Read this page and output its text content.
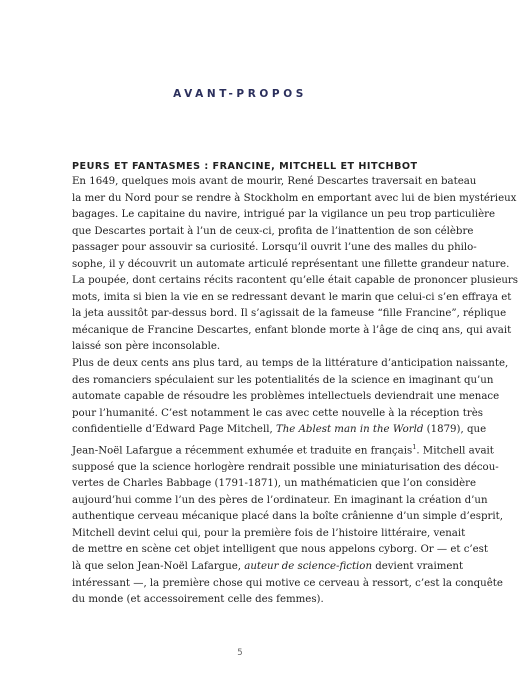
AVANT-PROPOS
PEURS ET FANTASMES : FRANCINE, MITCHELL ET HITCHBOT

En 1649, quelques mois avant de mourir, René Descartes traversait en bateau
la mer du Nord pour se rendre à Stockholm en emportant avec lui de bien mystérieux
bagages. Le capitaine du navire, intrigué par la vigilance un peu trop particulière
que Descartes portait à l’un de ceux-ci, profita de l’inattention de son célèbre
passager pour assouvir sa curiosité. Lorsqu’il ouvrit l’une des malles du philo-
sophe, il y découvrit un automate articulé représentant une fillette grandeur nature.
La poupée, dont certains récits racontent qu’elle était capable de prononcer plusieurs
mots, imita si bien la vie en se redressant devant le marin que celui-ci s’en effraya et
la jeta aussitôt par-dessus bord. Il s’agissait de la fameuse “fille Francine”, réplique
mécanique de Francine Descartes, enfant blonde morte à l’âge de cinq ans, qui avait
laissé son père inconsolable.

Plus de deux cents ans plus tard, au temps de la littérature d’anticipation naissante,
des romanciers spéculaient sur les potentialités de la science en imaginant qu’un
automate capable de résoudre les problèmes intellectuels deviendrait une menace
pour l’humanité. C’est notamment le cas avec cette nouvelle à la réception très
confidentielle d’Edward Page Mitchell, The Ablest man in the World (1879), que
Jean-Noël Lafargue a récemment exhumée et traduite en français$^1$. Mitchell avait
supposé que la science horlogère rendrait possible une miniaturisation des décou-
vertes de Charles Babbage (1791-1871), un mathématicien que l’on considère
aujourd’hui comme l’un des pères de l’ordinateur. En imaginant la création d’un
authentique cerveau mécanique placé dans la boîte crânienne d’un simple d’esprit,
Mitchell devint celui qui, pour la première fois de l’histoire littéraire, venait
de mettre en scène cet objet intelligent que nous appelons cyborg. Or — et c’est
là que selon Jean-Noël Lafargue, auteur de science-fiction devient vraiment
intéressant —, la première chose qui motive ce cerveau à ressort, c’est la conquête
du monde (et accessoirement celle des femmes).

5
